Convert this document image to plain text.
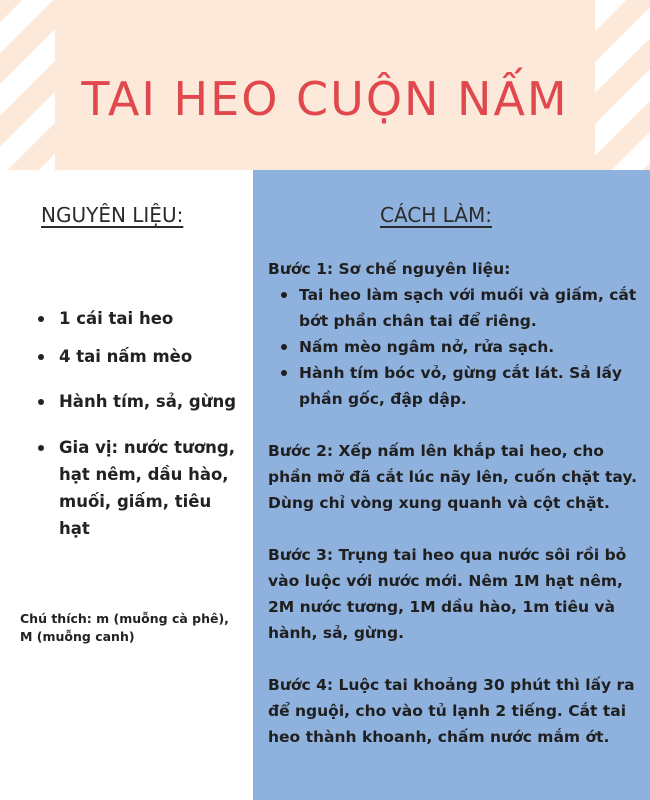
TAI HEO CUỘN NẤM
NGUYÊN LIỆU:
1 cái tai heo
4 tai nấm mèo
Hành tím, sả, gừng
Gia vị: nước tương, hạt nêm, dầu hào, muối, giấm, tiêu hạt

Chú thích: m (muỗng cà phê), M (muỗng canh)

CÁCH LÀM:

Bước 1: Sơ chế nguyên liệu:

Tai heo làm sạch với muối và giấm, cắt bớt phần chân tai để riêng.
Nấm mèo ngâm nở, rửa sạch.
Hành tím bóc vỏ, gừng cắt lát. Sả lấy phần gốc, đập dập.

Bước 2: Xếp nấm lên khắp tai heo, cho phần mỡ đã cắt lúc nãy lên, cuốn chặt tay. Dùng chỉ vòng xung quanh và cột chặt.

Bước 3: Trụng tai heo qua nước sôi rồi bỏ vào luộc với nước mới. Nêm 1M hạt nêm, 2M nước tương, 1M dầu hào, 1m tiêu và hành, sả, gừng.

Bước 4: Luộc tai khoảng 30 phút thì lấy ra để nguội, cho vào tủ lạnh 2 tiếng. Cắt tai heo thành khoanh, chấm nước mắm ớt.
